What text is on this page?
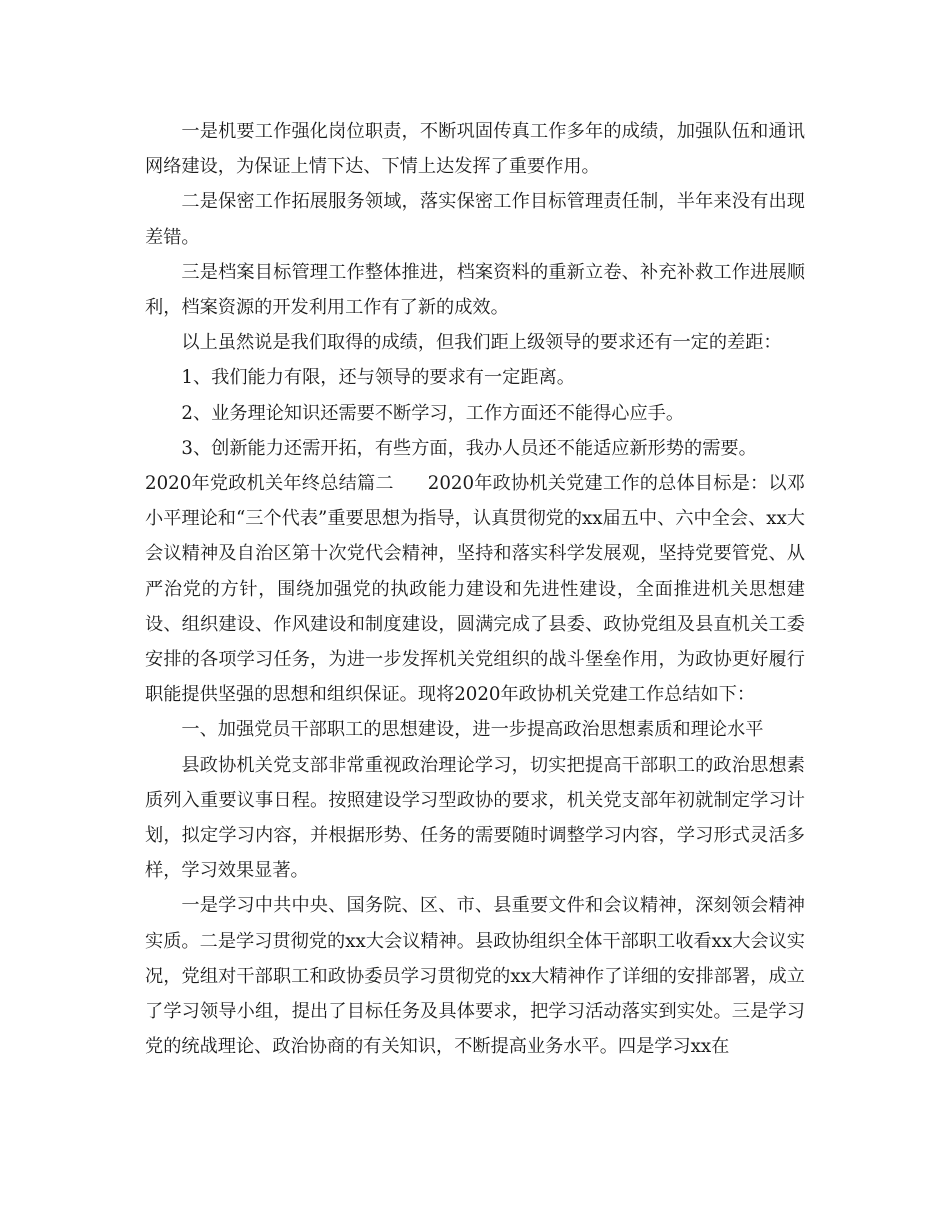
一是机要工作强化岗位职责，不断巩固传真工作多年的成绩，加强队伍和通讯网络建设，为保证上情下达、下情上达发挥了重要作用。

二是保密工作拓展服务领域，落实保密工作目标管理责任制，半年来没有出现差错。

三是档案目标管理工作整体推进，档案资料的重新立卷、补充补救工作进展顺利，档案资源的开发利用工作有了新的成效。

以上虽然说是我们取得的成绩，但我们距上级领导的要求还有一定的差距：

1、我们能力有限，还与领导的要求有一定距离。

2、业务理论知识还需要不断学习，工作方面还不能得心应手。

3、创新能力还需开拓，有些方面，我办人员还不能适应新形势的需要。

2020年党政机关年终总结篇二 2020年政协机关党建工作的总体目标是：以邓小平理论和“三个代表”重要思想为指导，认真贯彻党的xx届五中、六中全会、xx大会议精神及自治区第十次党代会精神，坚持和落实科学发展观，坚持党要管党、从严治党的方针，围绕加强党的执政能力建设和先进性建设，全面推进机关思想建设、组织建设、作风建设和制度建设，圆满完成了县委、政协党组及县直机关工委安排的各项学习任务，为进一步发挥机关党组织的战斗堡垒作用，为政协更好履行职能提供坚强的思想和组织保证。现将2020年政协机关党建工作总结如下：

一、加强党员干部职工的思想建设，进一步提高政治思想素质和理论水平

县政协机关党支部非常重视政治理论学习，切实把提高干部职工的政治思想素质列入重要议事日程。按照建设学习型政协的要求，机关党支部年初就制定学习计划，拟定学习内容，并根据形势、任务的需要随时调整学习内容，学习形式灵活多样，学习效果显著。

一是学习中共中央、国务院、区、市、县重要文件和会议精神，深刻领会精神实质。二是学习贯彻党的xx大会议精神。县政协组织全体干部职工收看xx大会议实况，党组对干部职工和政协委员学习贯彻党的xx大精神作了详细的安排部署，成立了学习领导小组，提出了目标任务及具体要求，把学习活动落实到实处。三是学习党的统战理论、政治协商的有关知识，不断提高业务水平。四是学习xx在
